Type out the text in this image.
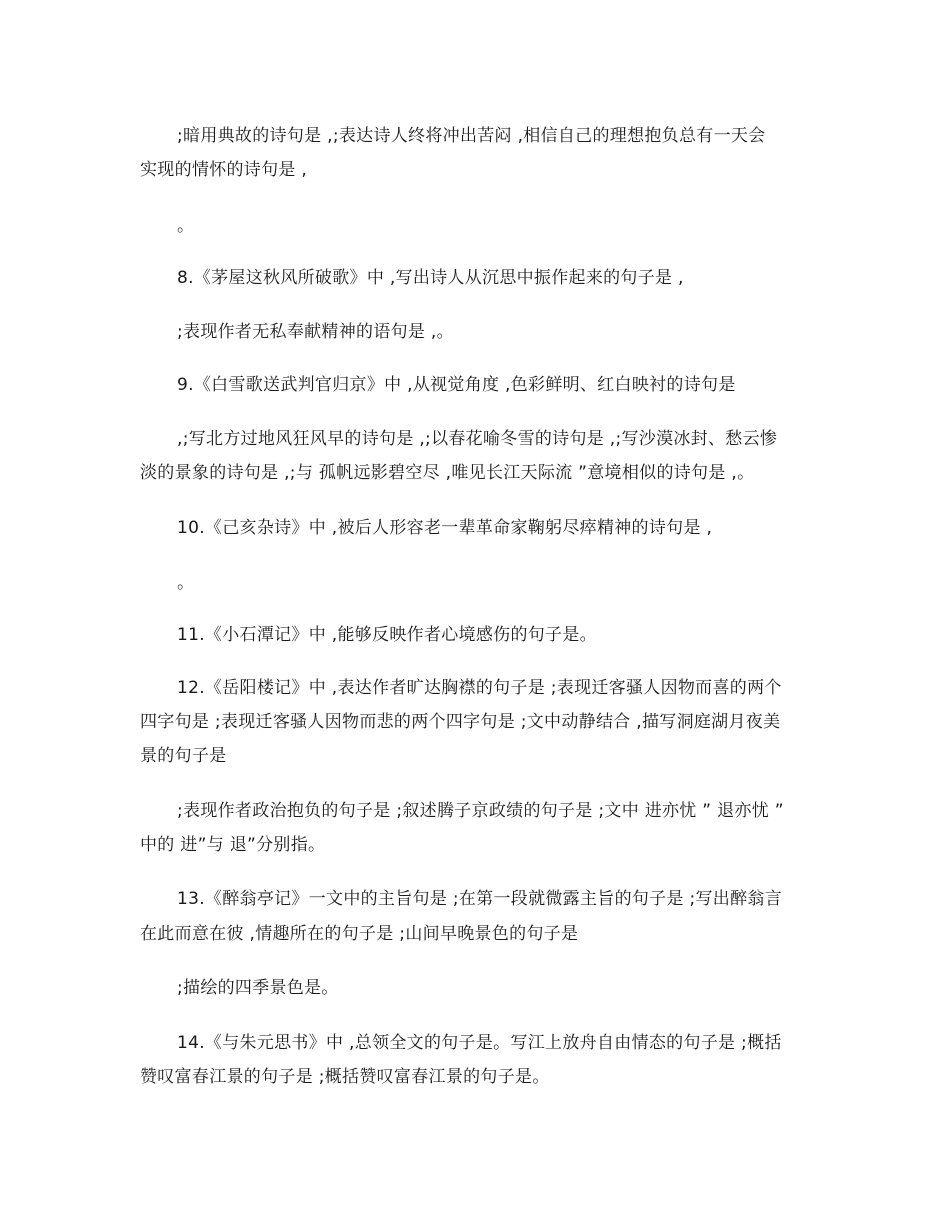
;暗用典故的诗句是 ,;表达诗人终将冲出苦闷 ,相信自己的理想抱负总有一天会
实现的情怀的诗句是 ,
。
8.《茅屋这秋风所破歌》中 ,写出诗人从沉思中振作起来的句子是 ,
;表现作者无私奉献精神的语句是 ,。
9.《白雪歌送武判官归京》中 ,从视觉角度 ,色彩鲜明、红白映衬的诗句是
,;写北方过地风狂风早的诗句是 ,;以春花喻冬雪的诗句是 ,;写沙漠冰封、愁云惨
淡的景象的诗句是 ,;与 孤帆远影碧空尽 ,唯见长江天际流 ”意境相似的诗句是 ,。
10.《己亥杂诗》中 ,被后人形容老一辈革命家鞠躬尽瘁精神的诗句是 ,
。
11.《小石潭记》中 ,能够反映作者心境感伤的句子是。
12.《岳阳楼记》中 ,表达作者旷达胸襟的句子是 ;表现迁客骚人因物而喜的两个
四字句是 ;表现迁客骚人因物而悲的两个四字句是 ;文中动静结合 ,描写洞庭湖月夜美
景的句子是
;表现作者政治抱负的句子是 ;叙述腾子京政绩的句子是 ;文中 进亦忧 ” 退亦忧 ”
中的 进”与 退”分别指。
13.《醉翁亭记》一文中的主旨句是 ;在第一段就微露主旨的句子是 ;写出醉翁言
在此而意在彼 ,情趣所在的句子是 ;山间早晚景色的句子是
;描绘的四季景色是。
14.《与朱元思书》中 ,总领全文的句子是。写江上放舟自由情态的句子是 ;概括
赞叹富春江景的句子是 ;概括赞叹富春江景的句子是。
